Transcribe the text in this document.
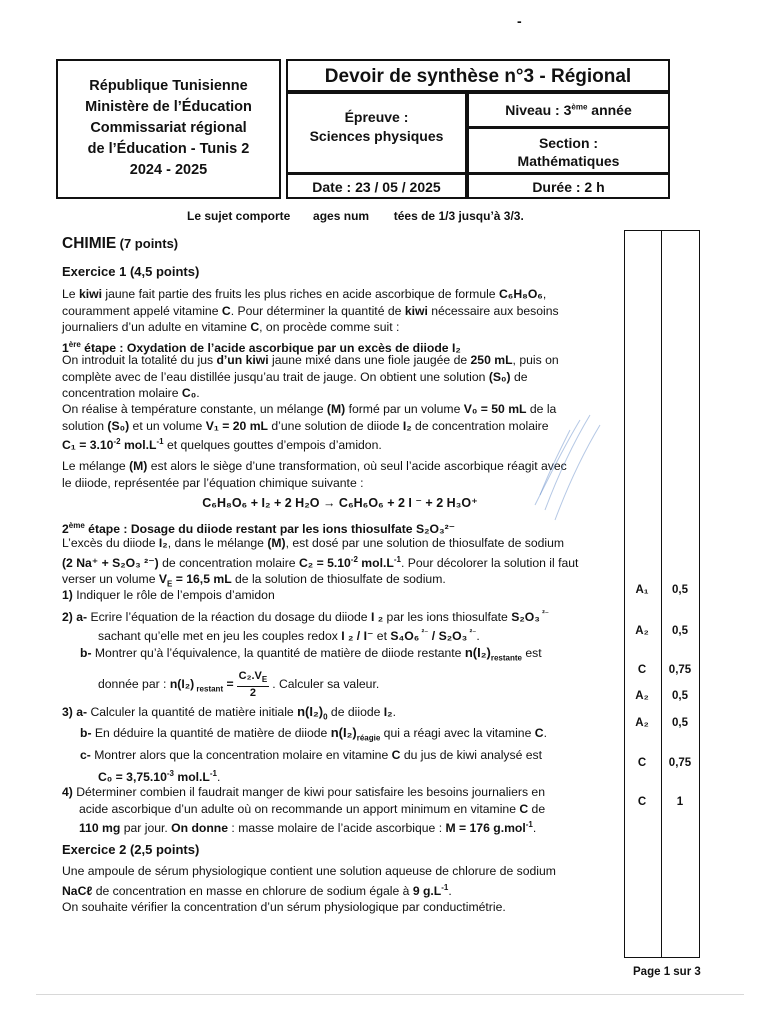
-
République Tunisienne
Ministère de l’Éducation
Commissariat régional
de l’Éducation - Tunis 2
2024 - 2025
Devoir de synthèse n°3 - Régional
Épreuve :
Sciences physiques
Niveau : 3ème année
Section :
Mathématiques
Date : 23 / 05 / 2025	Durée : 2 h
Le sujet comporte ages num tées de 1/3 jusqu’à 3/3.
A₁	0,5
A₂	0,5
C	0,75
A₂	0,5
A₂	0,5
C	0,75
C	1
CHIMIE (7 points)
Exercice 1 (4,5 points)
Le kiwi jaune fait partie des fruits les plus riches en acide ascorbique de formule C₆H₈O₆,
couramment appelé vitamine C. Pour déterminer la quantité de kiwi nécessaire aux besoins
journaliers d’un adulte en vitamine C, on procède comme suit :
1ère étape : Oxydation de l’acide ascorbique par un excès de diiode I₂
On introduit la totalité du jus d’un kiwi jaune mixé dans une fiole jaugée de 250 mL, puis on
complète avec de l’eau distillée jusqu’au trait de jauge. On obtient une solution (S₀) de
concentration molaire C₀.
On réalise à température constante, un mélange (M) formé par un volume V₀ = 50 mL de la
solution (S₀) et un volume V₁ = 20 mL d’une solution de diiode I₂ de concentration molaire
$C_1 = 3.10^{-2}$ $mol.L^{-1}$ et quelques gouttes d’empois d’amidon.
Le mélange (M) est alors le siège d’une transformation, où seul l’acide ascorbique réagit avec
le diiode, représentée par l’équation chimique suivante :
C₆H₈O₆ + I₂ + 2 H₂O → C₆H₆O₆ + 2 I ⁻ + 2 H₃O⁺
2ème étape : Dosage du diiode restant par les ions thiosulfate S₂O₃²⁻
L’excès du diiode I₂, dans le mélange (M), est dosé par une solution de thiosulfate de sodium
(2 Na⁺ + S₂O₃ ²⁻) de concentration molaire $C_2 = 5.10^{-2}$ $mol.L^{-1}$. Pour décolorer la solution il faut
verser un volume $V_E = 16,5$ mL de la solution de thiosulfate de sodium.
1) Indiquer le rôle de l’empois d’amidon
2) a- Ecrire l’équation de la réaction du dosage du diiode I ₂ par les ions thiosulfate S₂O₃ $^{^{2-}}$
sachant qu’elle met en jeu les couples redox I ₂ / I⁻ et S₄O₆ $^{^{2-}}$ / S₂O₃ $^{^{2-}}$.
b- Montrer qu’à l’équivalence, la quantité de matière de diiode restante $n(I_2)_{restante}$ est
donnée par : n(I₂) $_{restant} = \frac{C_2.V_E}{2}$ . Calculer sa valeur.
3) a- Calculer la quantité de matière initiale $n(I_2)_0$ de diiode I₂.
b- En déduire la quantité de matière de diiode $n(I_2)_{réagie}$ qui a réagi avec la vitamine C.
c- Montrer alors que la concentration molaire en vitamine C du jus de kiwi analysé est
$C_0 = 3,75.10^{-3}$ $mol.L^{-1}$.
4) Déterminer combien il faudrait manger de kiwi pour satisfaire les besoins journaliers en
acide ascorbique d’un adulte où on recommande un apport minimum en vitamine C de
110 mg par jour. On donne : masse molaire de l’acide ascorbique : M = 176 g.mol$^{-1}$.
Exercice 2 (2,5 points)
Une ampoule de sérum physiologique contient une solution aqueuse de chlorure de sodium
NaCℓ de concentration en masse en chlorure de sodium égale à 9 $g.L^{-1}$.
On souhaite vérifier la concentration d’un sérum physiologique par conductimétrie.
Page 1 sur 3
